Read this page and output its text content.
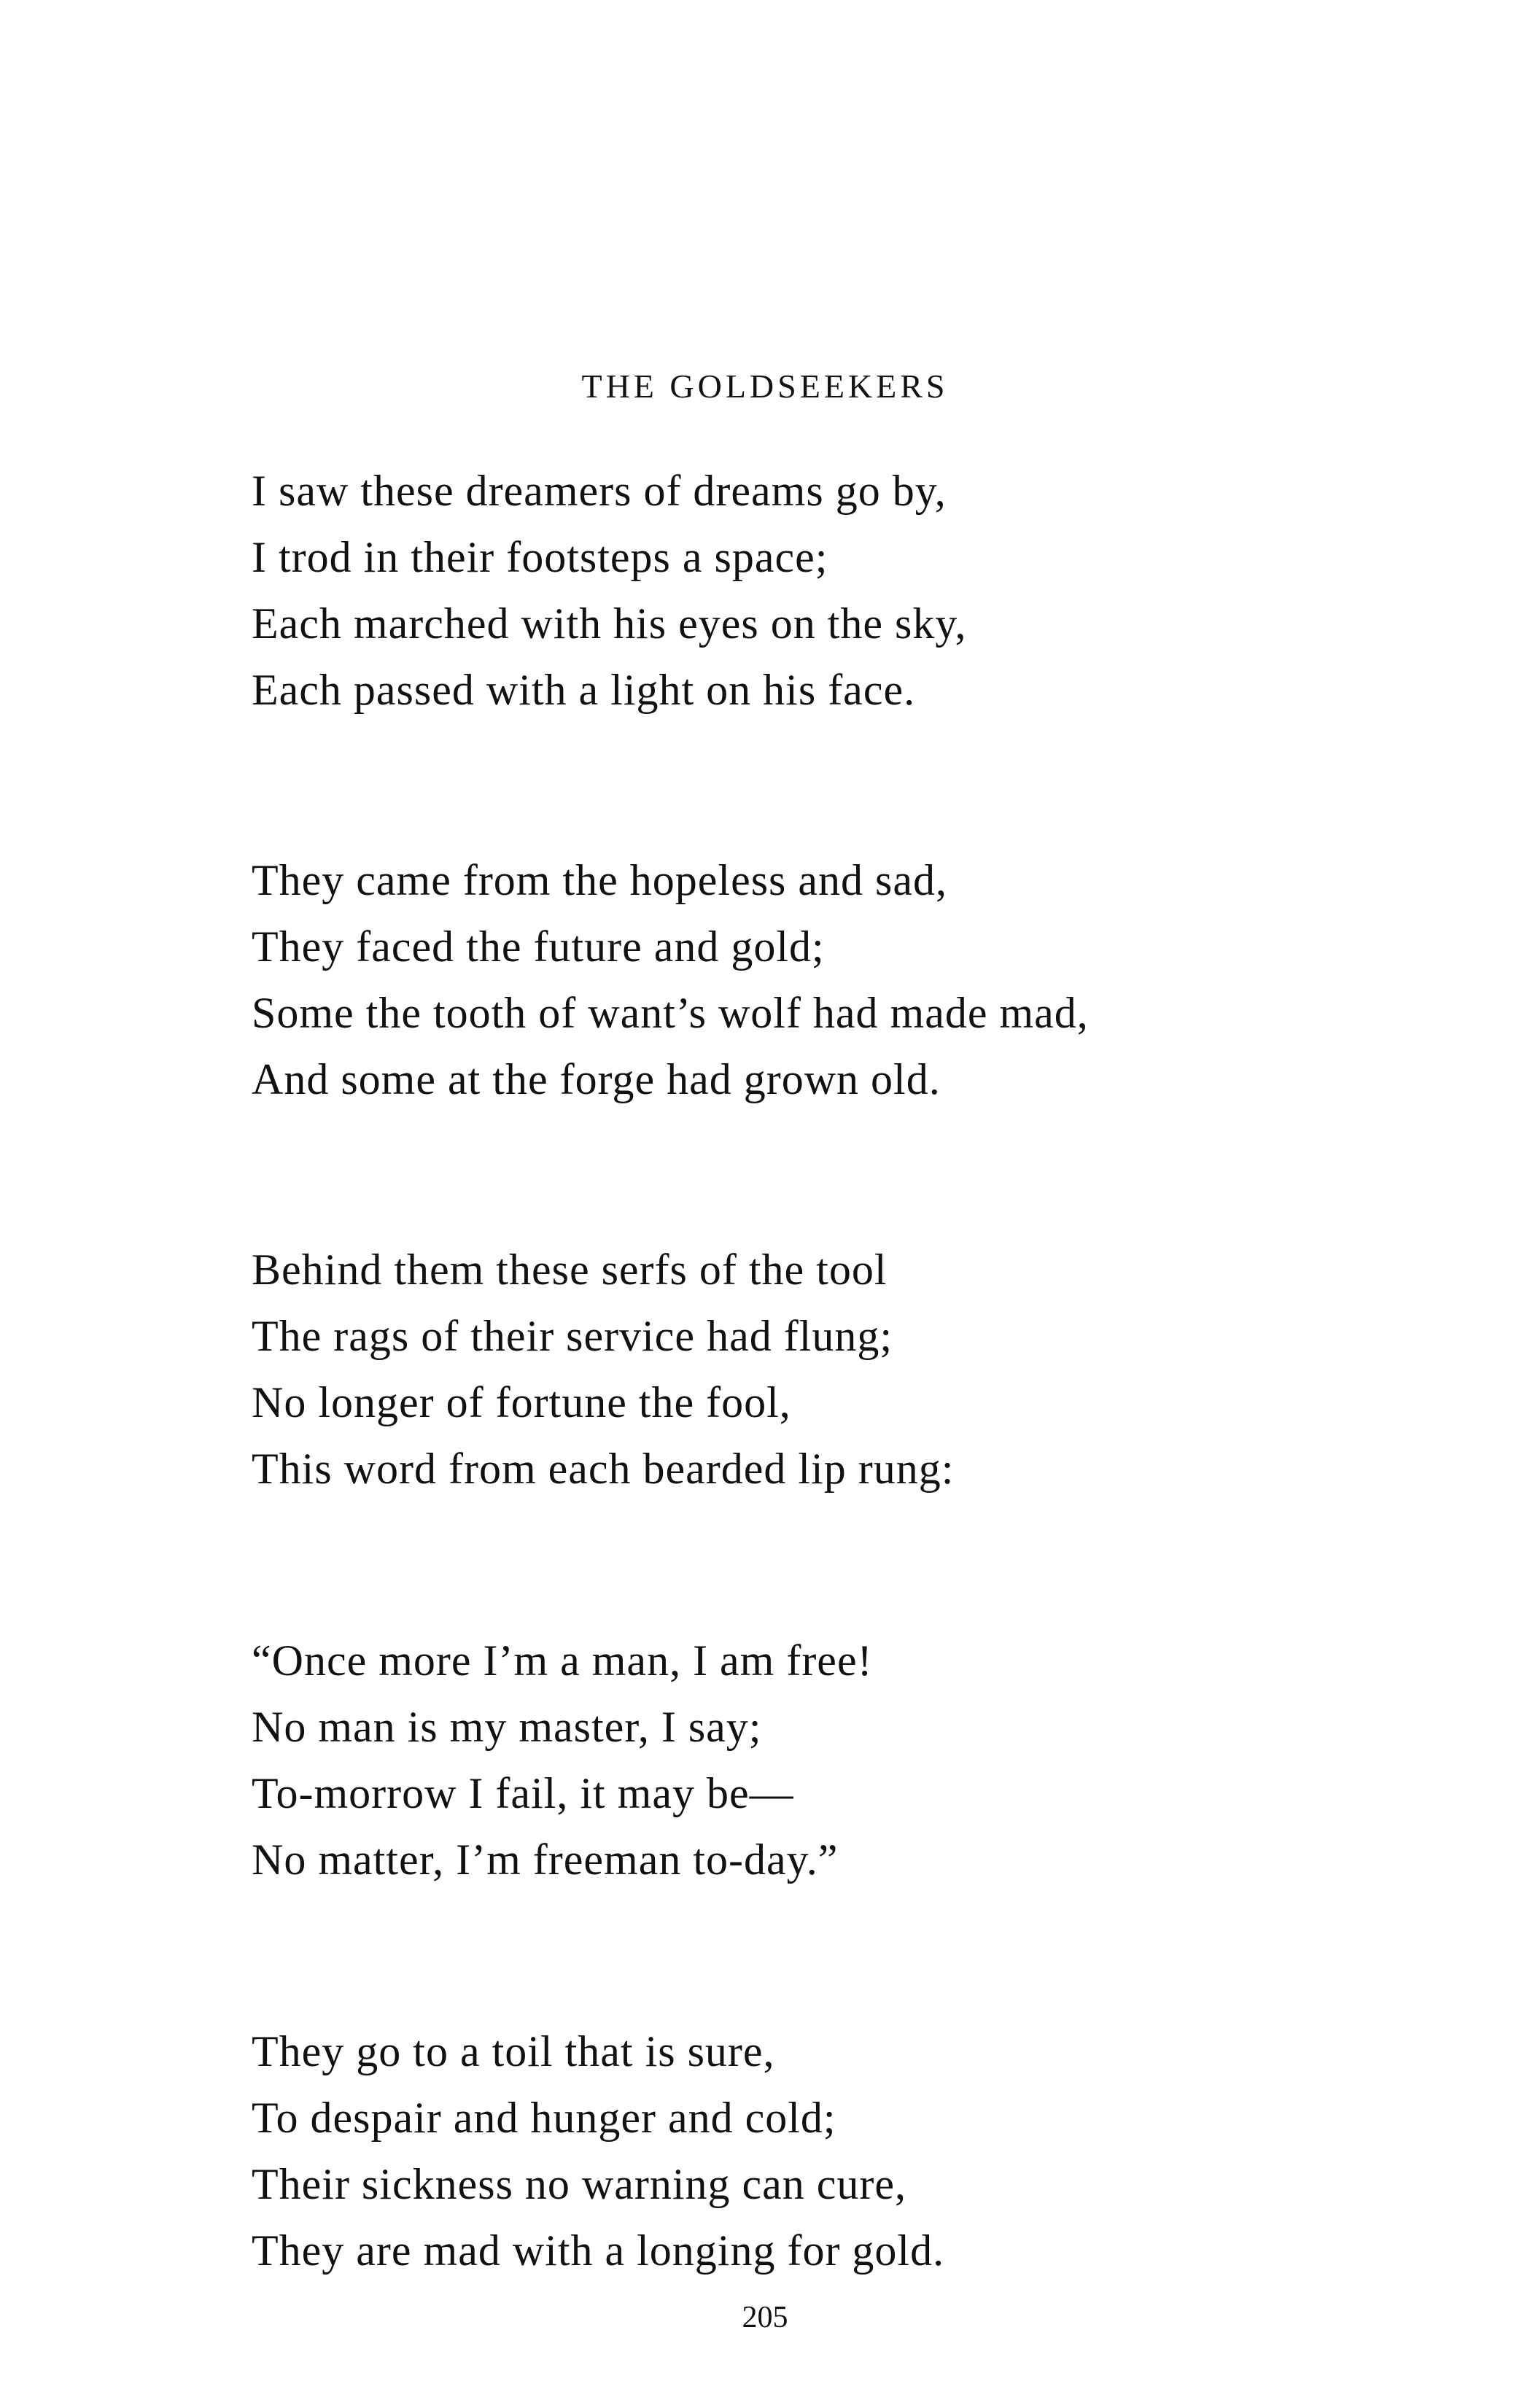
THE GOLDSEEKERS
I saw these dreamers of dreams go by,
I trod in their footsteps a space;
Each marched with his eyes on the sky,
Each passed with a light on his face.
They came from the hopeless and sad,
They faced the future and gold;
Some the tooth of want’s wolf had made mad,
And some at the forge had grown old.
Behind them these serfs of the tool
The rags of their service had flung;
No longer of fortune the fool,
This word from each bearded lip rung:
“Once more I’m a man, I am free!
No man is my master, I say;
To-morrow I fail, it may be—
No matter, I’m freeman to-day.”
They go to a toil that is sure,
To despair and hunger and cold;
Their sickness no warning can cure,
They are mad with a longing for gold.
205
